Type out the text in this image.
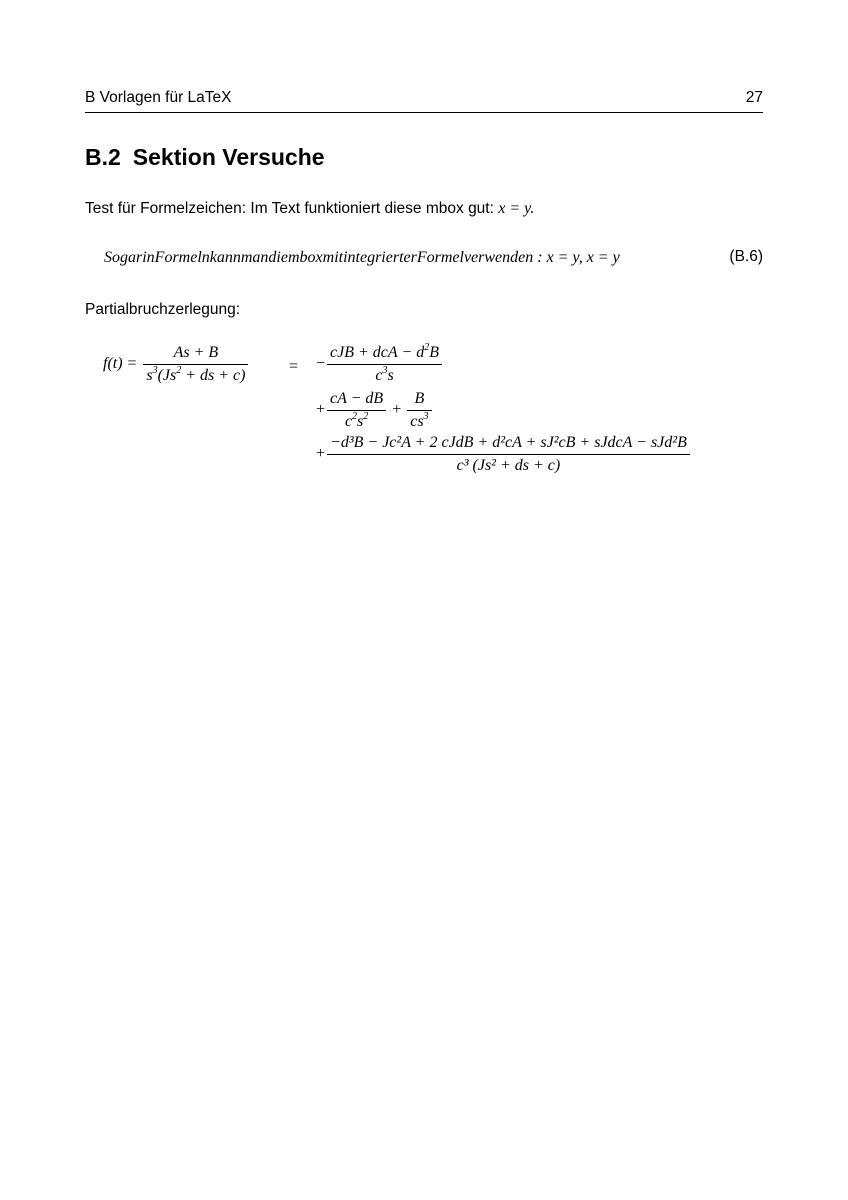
B Vorlagen für LaTeX	27
B.2 Sektion Versuche
Test für Formelzeichen: Im Text funktioniert diese mbox gut: x = y.
SogarinFormelnkannmandiemboxmitintegrierterFormelverwenden : x = y, x = y	(B.6)
Partialbruchzerlegung:
$f(t) = \frac{As + B}{s^3(Js^2 + ds + c)}$	= − $\frac{cJB + dcA - d^2B}{c^3s}$
+ $\frac{cA - dB}{c^2s^2} + \frac{B}{cs^3}$
+ $\frac{\text{−d³B − Jc²A + 2 cJdB + d²cA + sJ²cB + sJdcA − sJd²B}}{\text{c³ (Js² + ds + c)}}$
